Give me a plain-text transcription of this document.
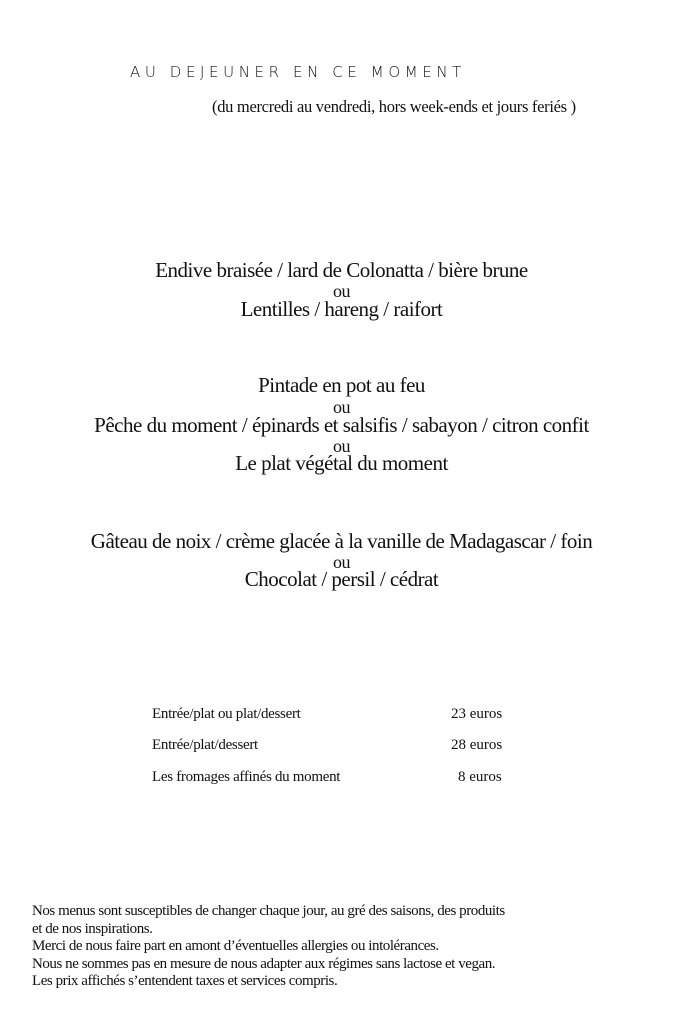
AU DEJEUNER EN CE MOMENT
(du mercredi au vendredi, hors week-ends et jours feriés )
Endive braisée / lard de Colonatta / bière brune
ou
Lentilles / hareng / raifort
Pintade en pot au feu
ou
Pêche du moment / épinards et salsifis / sabayon / citron confit
ou
Le plat végétal du moment
Gâteau de noix / crème glacée à la vanille de Madagascar / foin
ou
Chocolat / persil / cédrat
Entrée/plat ou plat/dessert	23 euros
Entrée/plat/dessert	28 euros
Les fromages affinés du moment	8 euros
Nos menus sont susceptibles de changer chaque jour, au gré des saisons, des produits
et de nos inspirations.
Merci de nous faire part en amont d’éventuelles allergies ou intolérances.
Nous ne sommes pas en mesure de nous adapter aux régimes sans lactose et vegan.
Les prix affichés s’entendent taxes et services compris.
